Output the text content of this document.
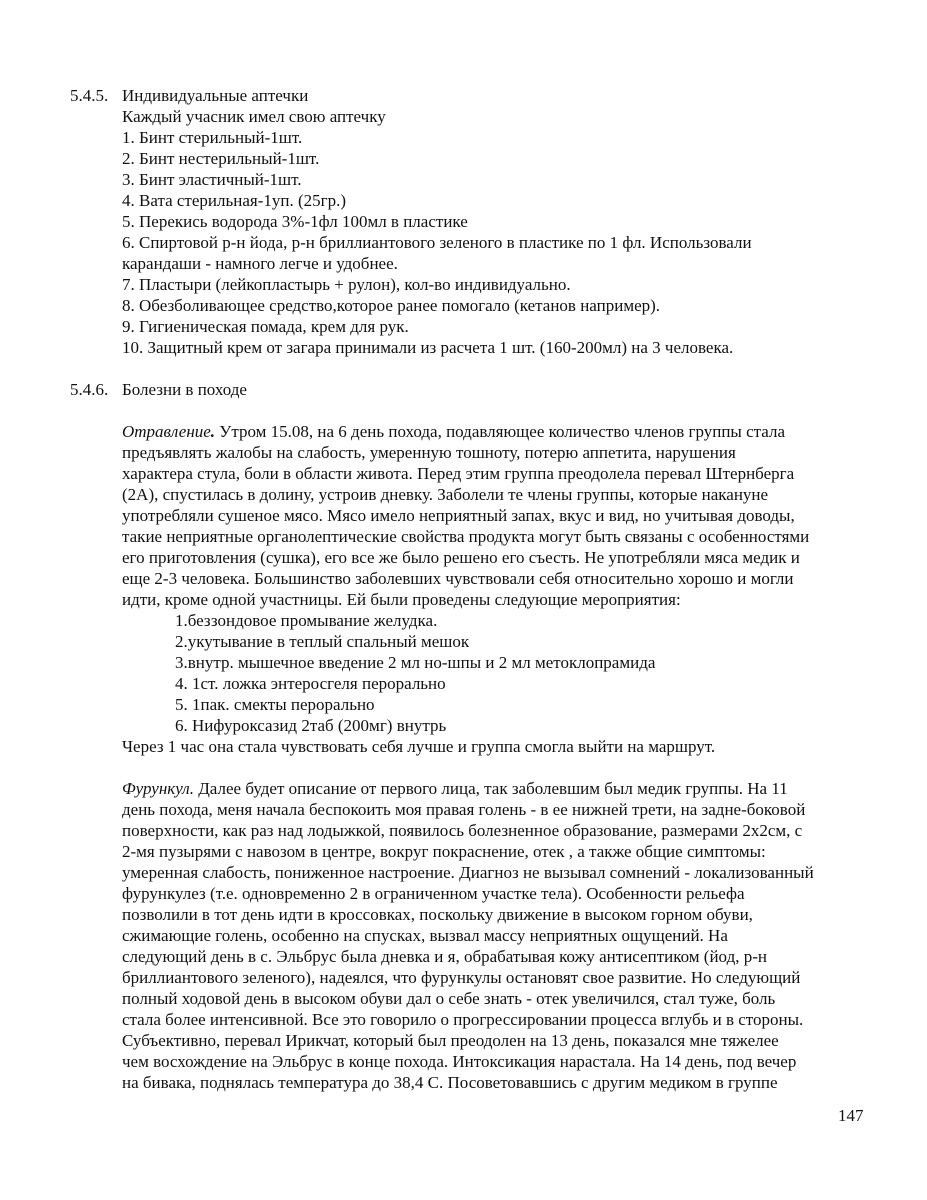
5.4.5. Индивидуальные аптечки
Каждый учасник имел свою аптечку
1. Бинт стерильный-1шт.
2. Бинт нестерильный-1шт.
3. Бинт эластичный-1шт.
4. Вата стерильная-1уп. (25гр.)
5. Перекись водорода 3%-1фл 100мл в пластике
6. Спиртовой р-н йода, р-н бриллиантового зеленого в пластике по 1 фл. Использовали
карандаши - намного легче и удобнее.
7. Пластыри (лейкопластырь + рулон), кол-во индивидуально.
8. Обезболивающее средство,которое ранее помогало (кетанов например).
9. Гигиеническая помада, крем для рук.
10. Защитный крем от загара принимали из расчета 1 шт. (160-200мл) на 3 человека.
5.4.6. Болезни в походе
Отравление. Утром 15.08, на 6 день похода, подавляющее количество членов группы стала
предъявлять жалобы на слабость, умеренную тошноту, потерю аппетита, нарушения
характера стула, боли в области живота. Перед этим группа преодолела перевал Штернберга
(2А), спустилась в долину, устроив дневку. Заболели те члены группы, которые накануне
употребляли сушеное мясо. Мясо имело неприятный запах, вкус и вид, но учитывая доводы,
такие неприятные органолептические свойства продукта могут быть связаны с особенностями
его приготовления (сушка), его все же было решено его съесть. Не употребляли мяса медик и
еще 2-3 человека. Большинство заболевших чувствовали себя относительно хорошо и могли
идти, кроме одной участницы. Ей были проведены следующие мероприятия:
1.беззондовое промывание желудка.
2.укутывание в теплый спальный мешок
3.внутр. мышечное введение 2 мл но-шпы и 2 мл метоклопрамида
4. 1ст. ложка энтеросгеля перорально
5. 1пак. смекты перорально
6. Нифуроксазид 2таб (200мг) внутрь
Через 1 час она стала чувствовать себя лучше и группа смогла выйти на маршрут.
Фурункул. Далее будет описание от первого лица, так заболевшим был медик группы. На 11
день похода, меня начала беспокоить моя правая голень - в ее нижней трети, на задне-боковой
поверхности, как раз над лодыжкой, появилось болезненное образование, размерами 2х2см, с
2-мя пузырями с навозом в центре, вокруг покраснение, отек , а также общие симптомы:
умеренная слабость, пониженное настроение. Диагноз не вызывал сомнений - локализованный
фурункулез (т.е. одновременно 2 в ограниченном участке тела). Особенности рельефа
позволили в тот день идти в кроссовках, поскольку движение в высоком горном обуви,
сжимающие голень, особенно на спусках, вызвал массу неприятных ощущений. На
следующий день в с. Эльбрус была дневка и я, обрабатывая кожу антисептиком (йод, р-н
бриллиантового зеленого), надеялся, что фурункулы остановят свое развитие. Но следующий
полный ходовой день в высоком обуви дал о себе знать - отек увеличился, стал туже, боль
стала более интенсивной. Все это говорило о прогрессировании процесса вглубь и в стороны.
Субъективно, перевал Ирикчат, который был преодолен на 13 день, показался мне тяжелее
чем восхождение на Эльбрус в конце похода. Интоксикация нарастала. На 14 день, под вечер
на бивака, поднялась температура до 38,4 С. Посоветовавшись с другим медиком в группе
147
